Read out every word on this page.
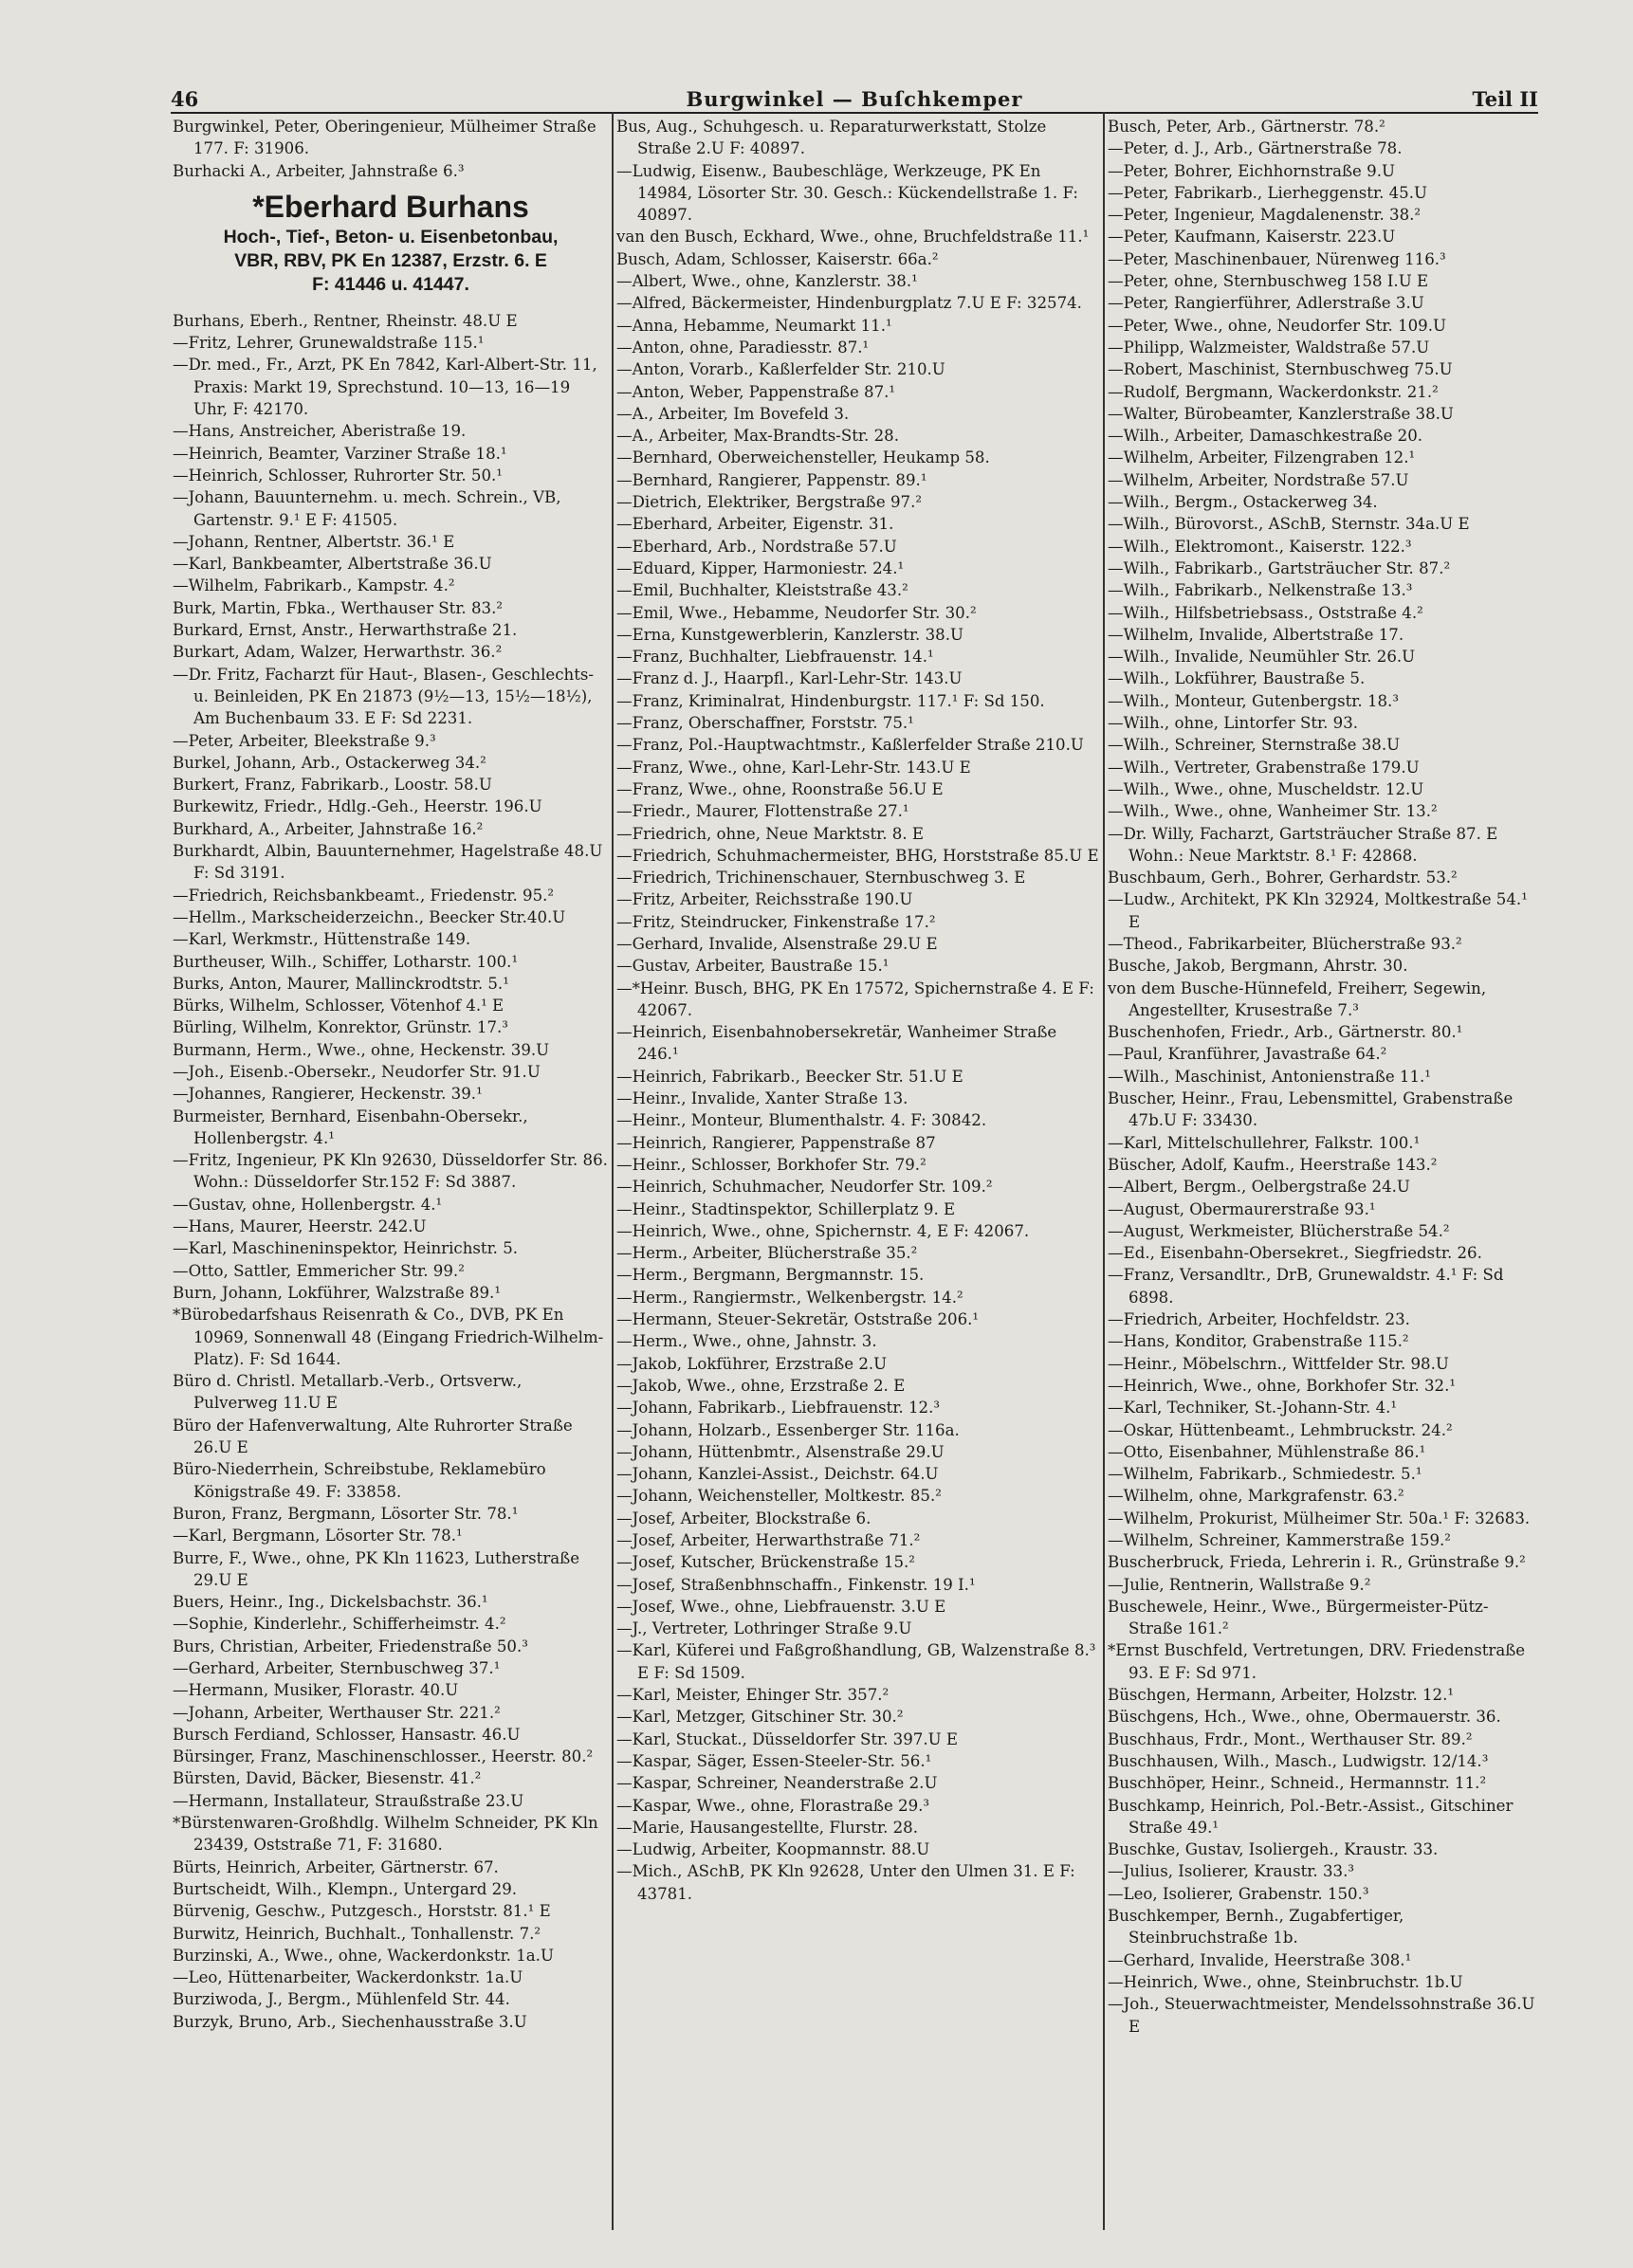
46	Burgwinkel — Buſchkemper	Teil II
Burgwinkel, Peter, Oberingenieur, Mülheimer Straße 177. F: 31906.
Burhacki A., Arbeiter, Jahnstraße 6.³
*Eberhard Burhans
Hoch-, Tief-, Beton- u. Eisenbetonbau,
VBR, RBV, PK En 12387, Erzstr. 6. E
F: 41446 u. 41447.
Burhans, Eberh., Rentner, Rheinstr. 48.U E
—Fritz, Lehrer, Grunewaldstraße 115.¹
—Dr. med., Fr., Arzt, PK En 7842, Karl-Albert-Str. 11, Praxis: Markt 19, Sprechstund. 10—13, 16—19 Uhr, F: 42170.
—Hans, Anstreicher, Aberistraße 19.
—Heinrich, Beamter, Varziner Straße 18.¹
—Heinrich, Schlosser, Ruhrorter Str. 50.¹
—Johann, Bauunternehm. u. mech. Schrein., VB, Gartenstr. 9.¹ E F: 41505.
—Johann, Rentner, Albertstr. 36.¹ E
—Karl, Bankbeamter, Albertstraße 36.U
—Wilhelm, Fabrikarb., Kampstr. 4.²
Burk, Martin, Fbka., Werthauser Str. 83.²
Burkard, Ernst, Anstr., Herwarthstraße 21.
Burkart, Adam, Walzer, Herwarthstr. 36.²
—Dr. Fritz, Facharzt für Haut-, Blasen-, Geschlechts- u. Beinleiden, PK En 21873 (9½—13, 15½—18½), Am Buchenbaum 33. E F: Sd 2231.
—Peter, Arbeiter, Bleekstraße 9.³
Burkel, Johann, Arb., Ostackerweg 34.²
Burkert, Franz, Fabrikarb., Loostr. 58.U
Burkewitz, Friedr., Hdlg.-Geh., Heerstr. 196.U
Burkhard, A., Arbeiter, Jahnstraße 16.²
Burkhardt, Albin, Bauunternehmer, Hagelstraße 48.U F: Sd 3191.
—Friedrich, Reichsbankbeamt., Friedenstr. 95.²
—Hellm., Markscheiderzeichn., Beecker Str.40.U
—Karl, Werkmstr., Hüttenstraße 149.
Burtheuser, Wilh., Schiffer, Lotharstr. 100.¹
Burks, Anton, Maurer, Mallinckrodtstr. 5.¹
Bürks, Wilhelm, Schlosser, Vötenhof 4.¹ E
Bürling, Wilhelm, Konrektor, Grünstr. 17.³
Burmann, Herm., Wwe., ohne, Heckenstr. 39.U
—Joh., Eisenb.-Obersekr., Neudorfer Str. 91.U
—Johannes, Rangierer, Heckenstr. 39.¹
Burmeister, Bernhard, Eisenbahn-Obersekr., Hollenbergstr. 4.¹
—Fritz, Ingenieur, PK Kln 92630, Düsseldorfer Str. 86. Wohn.: Düsseldorfer Str.152 F: Sd 3887.
—Gustav, ohne, Hollenbergstr. 4.¹
—Hans, Maurer, Heerstr. 242.U
—Karl, Maschineninspektor, Heinrichstr. 5.
—Otto, Sattler, Emmericher Str. 99.²
Burn, Johann, Lokführer, Walzstraße 89.¹
*Bürobedarfshaus Reisenrath & Co., DVB, PK En 10969, Sonnenwall 48 (Eingang Friedrich-Wilhelm-Platz). F: Sd 1644.
Büro d. Christl. Metallarb.-Verb., Ortsverw., Pulverweg 11.U E
Büro der Hafenverwaltung, Alte Ruhrorter Straße 26.U E
Büro-Niederrhein, Schreibstube, Reklamebüro Königstraße 49. F: 33858.
Buron, Franz, Bergmann, Lösorter Str. 78.¹
—Karl, Bergmann, Lösorter Str. 78.¹
Burre, F., Wwe., ohne, PK Kln 11623, Lutherstraße 29.U E
Buers, Heinr., Ing., Dickelsbachstr. 36.¹
—Sophie, Kinderlehr., Schifferheimstr. 4.²
Burs, Christian, Arbeiter, Friedenstraße 50.³
—Gerhard, Arbeiter, Sternbuschweg 37.¹
—Hermann, Musiker, Florastr. 40.U
—Johann, Arbeiter, Werthauser Str. 221.²
Bursch Ferdiand, Schlosser, Hansastr. 46.U
Bürsinger, Franz, Maschinenschlosser., Heerstr. 80.²
Bürsten, David, Bäcker, Biesenstr. 41.²
—Hermann, Installateur, Straußstraße 23.U
*Bürstenwaren-Großhdlg. Wilhelm Schneider, PK Kln 23439, Oststraße 71, F: 31680.
Bürts, Heinrich, Arbeiter, Gärtnerstr. 67.
Burtscheidt, Wilh., Klempn., Untergard 29.
Bürvenig, Geschw., Putzgesch., Horststr. 81.¹ E
Burwitz, Heinrich, Buchhalt., Tonhallenstr. 7.²
Burzinski, A., Wwe., ohne, Wackerdonkstr. 1a.U
—Leo, Hüttenarbeiter, Wackerdonkstr. 1a.U
Burziwoda, J., Bergm., Mühlenfeld Str. 44.
Burzyk, Bruno, Arb., Siechenhausstraße 3.U
Bus, Aug., Schuhgesch. u. Reparaturwerkstatt, Stolze Straße 2.U F: 40897.
—Ludwig, Eisenw., Baubeschläge, Werkzeuge, PK En 14984, Lösorter Str. 30. Gesch.: Kückendellstraße 1. F: 40897.
van den Busch, Eckhard, Wwe., ohne, Bruchfeldstraße 11.¹
Busch, Adam, Schlosser, Kaiserstr. 66a.²
—Albert, Wwe., ohne, Kanzlerstr. 38.¹
—Alfred, Bäckermeister, Hindenburgplatz 7.U E F: 32574.
—Anna, Hebamme, Neumarkt 11.¹
—Anton, ohne, Paradiesstr. 87.¹
—Anton, Vorarb., Kaßlerfelder Str. 210.U
—Anton, Weber, Pappenstraße 87.¹
—A., Arbeiter, Im Bovefeld 3.
—A., Arbeiter, Max-Brandts-Str. 28.
—Bernhard, Oberweichensteller, Heukamp 58.
—Bernhard, Rangierer, Pappenstr. 89.¹
—Dietrich, Elektriker, Bergstraße 97.²
—Eberhard, Arbeiter, Eigenstr. 31.
—Eberhard, Arb., Nordstraße 57.U
—Eduard, Kipper, Harmoniestr. 24.¹
—Emil, Buchhalter, Kleiststraße 43.²
—Emil, Wwe., Hebamme, Neudorfer Str. 30.²
—Erna, Kunstgewerblerin, Kanzlerstr. 38.U
—Franz, Buchhalter, Liebfrauenstr. 14.¹
—Franz d. J., Haarpfl., Karl-Lehr-Str. 143.U
—Franz, Kriminalrat, Hindenburgstr. 117.¹ F: Sd 150.
—Franz, Oberschaffner, Forststr. 75.¹
—Franz, Pol.-Hauptwachtmstr., Kaßlerfelder Straße 210.U
—Franz, Wwe., ohne, Karl-Lehr-Str. 143.U E
—Franz, Wwe., ohne, Roonstraße 56.U E
—Friedr., Maurer, Flottenstraße 27.¹
—Friedrich, ohne, Neue Marktstr. 8. E
—Friedrich, Schuhmachermeister, BHG, Horststraße 85.U E
—Friedrich, Trichinenschauer, Sternbuschweg 3. E
—Fritz, Arbeiter, Reichsstraße 190.U
—Fritz, Steindrucker, Finkenstraße 17.²
—Gerhard, Invalide, Alsenstraße 29.U E
—Gustav, Arbeiter, Baustraße 15.¹
—*Heinr. Busch, BHG, PK En 17572, Spichernstraße 4. E F: 42067.
—Heinrich, Eisenbahnobersekretär, Wanheimer Straße 246.¹
—Heinrich, Fabrikarb., Beecker Str. 51.U E
—Heinr., Invalide, Xanter Straße 13.
—Heinr., Monteur, Blumenthalstr. 4. F: 30842.
—Heinrich, Rangierer, Pappenstraße 87
—Heinr., Schlosser, Borkhofer Str. 79.²
—Heinrich, Schuhmacher, Neudorfer Str. 109.²
—Heinr., Stadtinspektor, Schillerplatz 9. E
—Heinrich, Wwe., ohne, Spichernstr. 4, E F: 42067.
—Herm., Arbeiter, Blücherstraße 35.²
—Herm., Bergmann, Bergmannstr. 15.
—Herm., Rangiermstr., Welkenbergstr. 14.²
—Hermann, Steuer-Sekretär, Oststraße 206.¹
—Herm., Wwe., ohne, Jahnstr. 3.
—Jakob, Lokführer, Erzstraße 2.U
—Jakob, Wwe., ohne, Erzstraße 2. E
—Johann, Fabrikarb., Liebfrauenstr. 12.³
—Johann, Holzarb., Essenberger Str. 116a.
—Johann, Hüttenbmtr., Alsenstraße 29.U
—Johann, Kanzlei-Assist., Deichstr. 64.U
—Johann, Weichensteller, Moltkestr. 85.²
—Josef, Arbeiter, Blockstraße 6.
—Josef, Arbeiter, Herwarthstraße 71.²
—Josef, Kutscher, Brückenstraße 15.²
—Josef, Straßenbhnschaffn., Finkenstr. 19 I.¹
—Josef, Wwe., ohne, Liebfrauenstr. 3.U E
—J., Vertreter, Lothringer Straße 9.U
—Karl, Küferei und Faßgroßhandlung, GB, Walzenstraße 8.³ E F: Sd 1509.
—Karl, Meister, Ehinger Str. 357.²
—Karl, Metzger, Gitschiner Str. 30.²
—Karl, Stuckat., Düsseldorfer Str. 397.U E
—Kaspar, Säger, Essen-Steeler-Str. 56.¹
—Kaspar, Schreiner, Neanderstraße 2.U
—Kaspar, Wwe., ohne, Florastraße 29.³
—Marie, Hausangestellte, Flurstr. 28.
—Ludwig, Arbeiter, Koopmannstr. 88.U
—Mich., ASchB, PK Kln 92628, Unter den Ulmen 31. E F: 43781.
Busch, Peter, Arb., Gärtnerstr. 78.²
—Peter, d. J., Arb., Gärtnerstraße 78.
—Peter, Bohrer, Eichhornstraße 9.U
—Peter, Fabrikarb., Lierheggenstr. 45.U
—Peter, Ingenieur, Magdalenenstr. 38.²
—Peter, Kaufmann, Kaiserstr. 223.U
—Peter, Maschinenbauer, Nürenweg 116.³
—Peter, ohne, Sternbuschweg 158 I.U E
—Peter, Rangierführer, Adlerstraße 3.U
—Peter, Wwe., ohne, Neudorfer Str. 109.U
—Philipp, Walzmeister, Waldstraße 57.U
—Robert, Maschinist, Sternbuschweg 75.U
—Rudolf, Bergmann, Wackerdonkstr. 21.²
—Walter, Bürobeamter, Kanzlerstraße 38.U
—Wilh., Arbeiter, Damaschkestraße 20.
—Wilhelm, Arbeiter, Filzengraben 12.¹
—Wilhelm, Arbeiter, Nordstraße 57.U
—Wilh., Bergm., Ostackerweg 34.
—Wilh., Bürovorst., ASchB, Sternstr. 34a.U E
—Wilh., Elektromont., Kaiserstr. 122.³
—Wilh., Fabrikarb., Gartsträucher Str. 87.²
—Wilh., Fabrikarb., Nelkenstraße 13.³
—Wilh., Hilfsbetriebsass., Oststraße 4.²
—Wilhelm, Invalide, Albertstraße 17.
—Wilh., Invalide, Neumühler Str. 26.U
—Wilh., Lokführer, Baustraße 5.
—Wilh., Monteur, Gutenbergstr. 18.³
—Wilh., ohne, Lintorfer Str. 93.
—Wilh., Schreiner, Sternstraße 38.U
—Wilh., Vertreter, Grabenstraße 179.U
—Wilh., Wwe., ohne, Muscheldstr. 12.U
—Wilh., Wwe., ohne, Wanheimer Str. 13.²
—Dr. Willy, Facharzt, Gartsträucher Straße 87. E Wohn.: Neue Marktstr. 8.¹ F: 42868.
Buschbaum, Gerh., Bohrer, Gerhardstr. 53.²
—Ludw., Architekt, PK Kln 32924, Moltkestraße 54.¹ E
—Theod., Fabrikarbeiter, Blücherstraße 93.²
Busche, Jakob, Bergmann, Ahrstr. 30.
von dem Busche-Hünnefeld, Freiherr, Segewin, Angestellter, Krusestraße 7.³
Buschenhofen, Friedr., Arb., Gärtnerstr. 80.¹
—Paul, Kranführer, Javastraße 64.²
—Wilh., Maschinist, Antonienstraße 11.¹
Buscher, Heinr., Frau, Lebensmittel, Grabenstraße 47b.U F: 33430.
—Karl, Mittelschullehrer, Falkstr. 100.¹
Büscher, Adolf, Kaufm., Heerstraße 143.²
—Albert, Bergm., Oelbergstraße 24.U
—August, Obermaurerstraße 93.¹
—August, Werkmeister, Blücherstraße 54.²
—Ed., Eisenbahn-Obersekret., Siegfriedstr. 26.
—Franz, Versandltr., DrB, Grunewaldstr. 4.¹ F: Sd 6898.
—Friedrich, Arbeiter, Hochfeldstr. 23.
—Hans, Konditor, Grabenstraße 115.²
—Heinr., Möbelschrn., Wittfelder Str. 98.U
—Heinrich, Wwe., ohne, Borkhofer Str. 32.¹
—Karl, Techniker, St.-Johann-Str. 4.¹
—Oskar, Hüttenbeamt., Lehmbruckstr. 24.²
—Otto, Eisenbahner, Mühlenstraße 86.¹
—Wilhelm, Fabrikarb., Schmiedestr. 5.¹
—Wilhelm, ohne, Markgrafenstr. 63.²
—Wilhelm, Prokurist, Mülheimer Str. 50a.¹ F: 32683.
—Wilhelm, Schreiner, Kammerstraße 159.²
Buscherbruck, Frieda, Lehrerin i. R., Grünstraße 9.²
—Julie, Rentnerin, Wallstraße 9.²
Buschewele, Heinr., Wwe., Bürgermeister-Pütz-Straße 161.²
*Ernst Buschfeld, Vertretungen, DRV. Friedenstraße 93. E F: Sd 971.
Büschgen, Hermann, Arbeiter, Holzstr. 12.¹
Büschgens, Hch., Wwe., ohne, Obermauerstr. 36.
Buschhaus, Frdr., Mont., Werthauser Str. 89.²
Buschhausen, Wilh., Masch., Ludwigstr. 12/14.³
Buschhöper, Heinr., Schneid., Hermannstr. 11.²
Buschkamp, Heinrich, Pol.-Betr.-Assist., Gitschiner Straße 49.¹
Buschke, Gustav, Isoliergeh., Kraustr. 33.
—Julius, Isolierer, Kraustr. 33.³
—Leo, Isolierer, Grabenstr. 150.³
Buschkemper, Bernh., Zugabfertiger, Steinbruchstraße 1b.
—Gerhard, Invalide, Heerstraße 308.¹
—Heinrich, Wwe., ohne, Steinbruchstr. 1b.U
—Joh., Steuerwachtmeister, Mendelssohnstraße 36.U E
